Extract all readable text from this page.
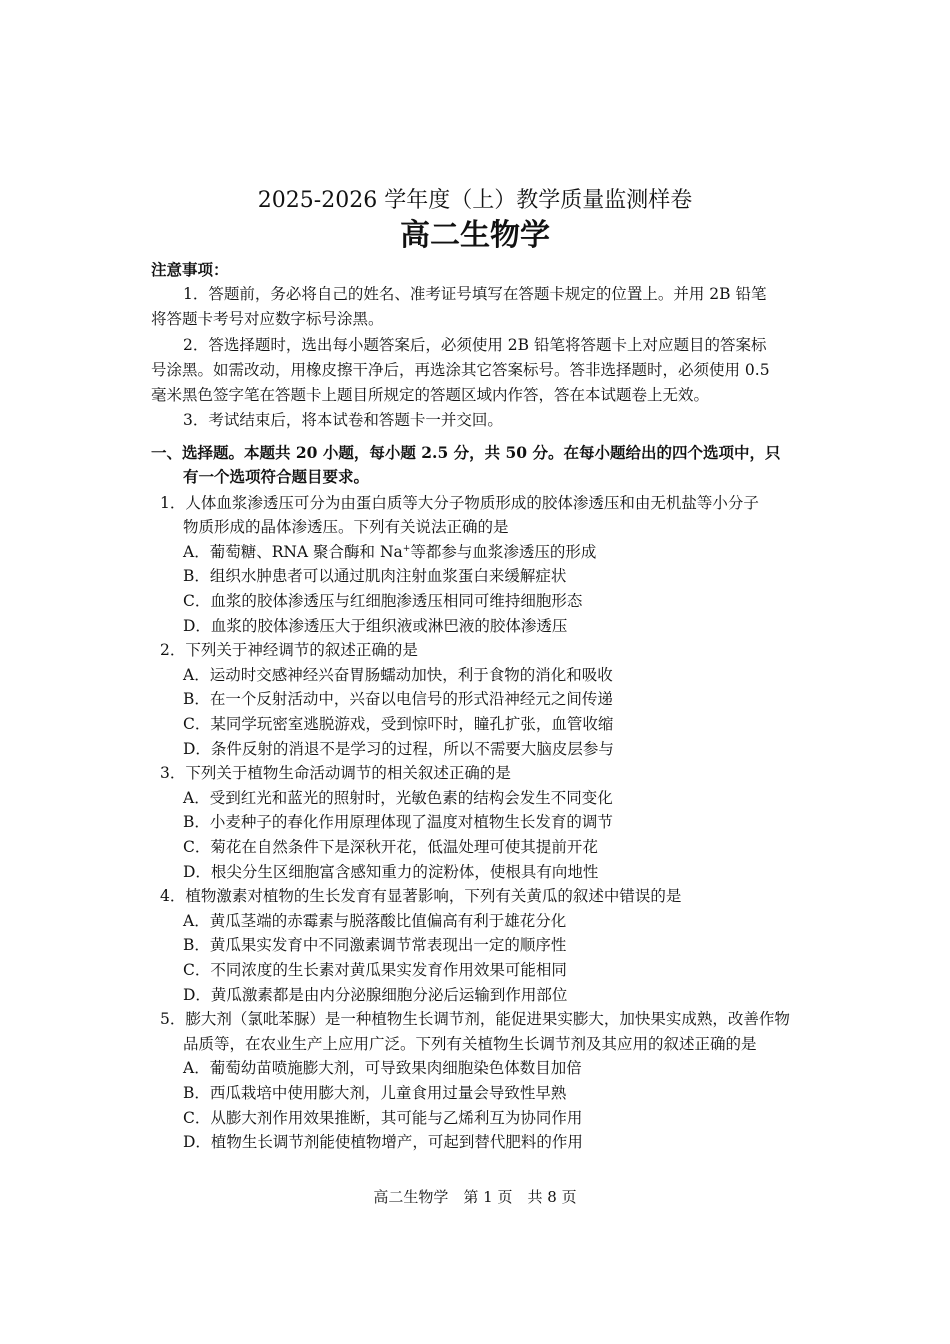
2025-2026 学年度（上）教学质量监测样卷
高二生物学
注意事项：
1．答题前，务必将自己的姓名、准考证号填写在答题卡规定的位置上。并用 2B 铅笔
将答题卡考号对应数字标号涂黑。
2．答选择题时，选出每小题答案后，必须使用 2B 铅笔将答题卡上对应题目的答案标
号涂黑。如需改动，用橡皮擦干净后，再选涂其它答案标号。答非选择题时，必须使用 0.5
毫米黑色签字笔在答题卡上题目所规定的答题区域内作答，答在本试题卷上无效。
3．考试结束后，将本试卷和答题卡一并交回。
一、选择题。本题共 20 小题，每小题 2.5 分，共 50 分。在每小题给出的四个选项中，只
有一个选项符合题目要求。
1．人体血浆渗透压可分为由蛋白质等大分子物质形成的胶体渗透压和由无机盐等小分子
物质形成的晶体渗透压。下列有关说法正确的是
A．葡萄糖、RNA 聚合酶和 Na+等都参与血浆渗透压的形成
B．组织水肿患者可以通过肌肉注射血浆蛋白来缓解症状
C．血浆的胶体渗透压与红细胞渗透压相同可维持细胞形态
D．血浆的胶体渗透压大于组织液或淋巴液的胶体渗透压
2．下列关于神经调节的叙述正确的是
A．运动时交感神经兴奋胃肠蠕动加快，利于食物的消化和吸收
B．在一个反射活动中，兴奋以电信号的形式沿神经元之间传递
C．某同学玩密室逃脱游戏，受到惊吓时，瞳孔扩张，血管收缩
D．条件反射的消退不是学习的过程，所以不需要大脑皮层参与
3．下列关于植物生命活动调节的相关叙述正确的是
A．受到红光和蓝光的照射时，光敏色素的结构会发生不同变化
B．小麦种子的春化作用原理体现了温度对植物生长发育的调节
C．菊花在自然条件下是深秋开花，低温处理可使其提前开花
D．根尖分生区细胞富含感知重力的淀粉体，使根具有向地性
4．植物激素对植物的生长发育有显著影响，下列有关黄瓜的叙述中错误的是
A．黄瓜茎端的赤霉素与脱落酸比值偏高有利于雄花分化
B．黄瓜果实发育中不同激素调节常表现出一定的顺序性
C．不同浓度的生长素对黄瓜果实发育作用效果可能相同
D．黄瓜激素都是由内分泌腺细胞分泌后运输到作用部位
5．膨大剂（氯吡苯脲）是一种植物生长调节剂，能促进果实膨大，加快果实成熟，改善作物
品质等，在农业生产上应用广泛。下列有关植物生长调节剂及其应用的叙述正确的是
A．葡萄幼苗喷施膨大剂，可导致果肉细胞染色体数目加倍
B．西瓜栽培中使用膨大剂，儿童食用过量会导致性早熟
C．从膨大剂作用效果推断，其可能与乙烯利互为协同作用
D．植物生长调节剂能使植物增产，可起到替代肥料的作用
高二生物学　第 1 页　共 8 页
